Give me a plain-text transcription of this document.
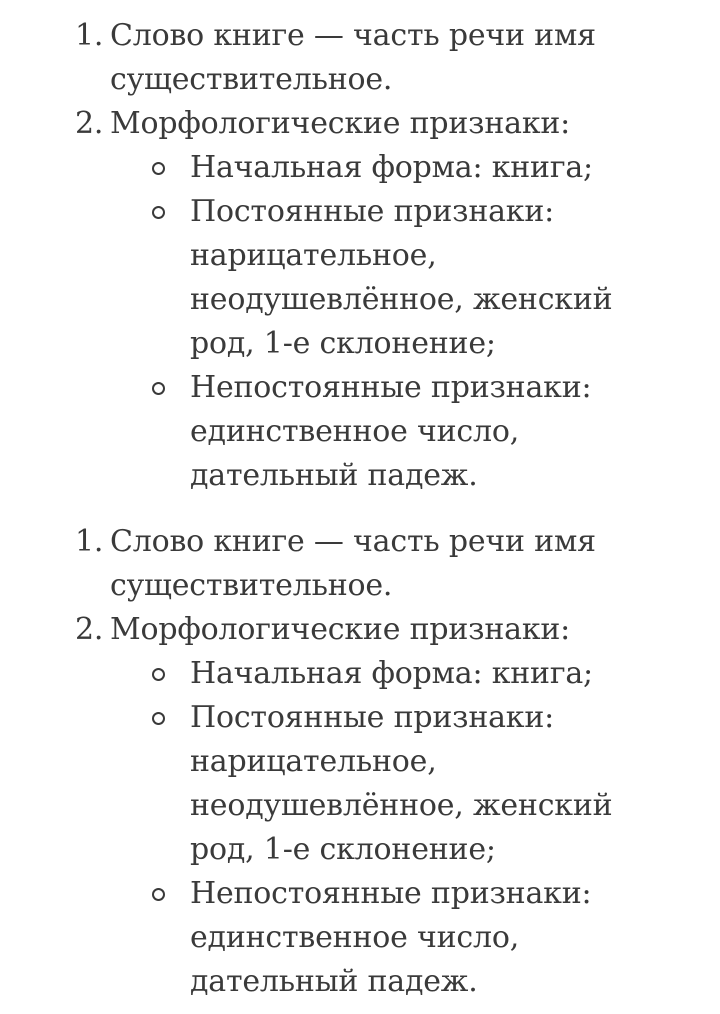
1. Слово книге — часть речи имя существительное.
2. Морфологические признаки:
Начальная форма: книга;
Постоянные признаки: нарицательное, неодушевлённое, женский род, 1-е склонение;
Непостоянные признаки: единственное число, дательный падеж.
1. Слово книге — часть речи имя существительное.
2. Морфологические признаки:
Начальная форма: книга;
Постоянные признаки: нарицательное, неодушевлённое, женский род, 1-е склонение;
Непостоянные признаки: единственное число, дательный падеж.
